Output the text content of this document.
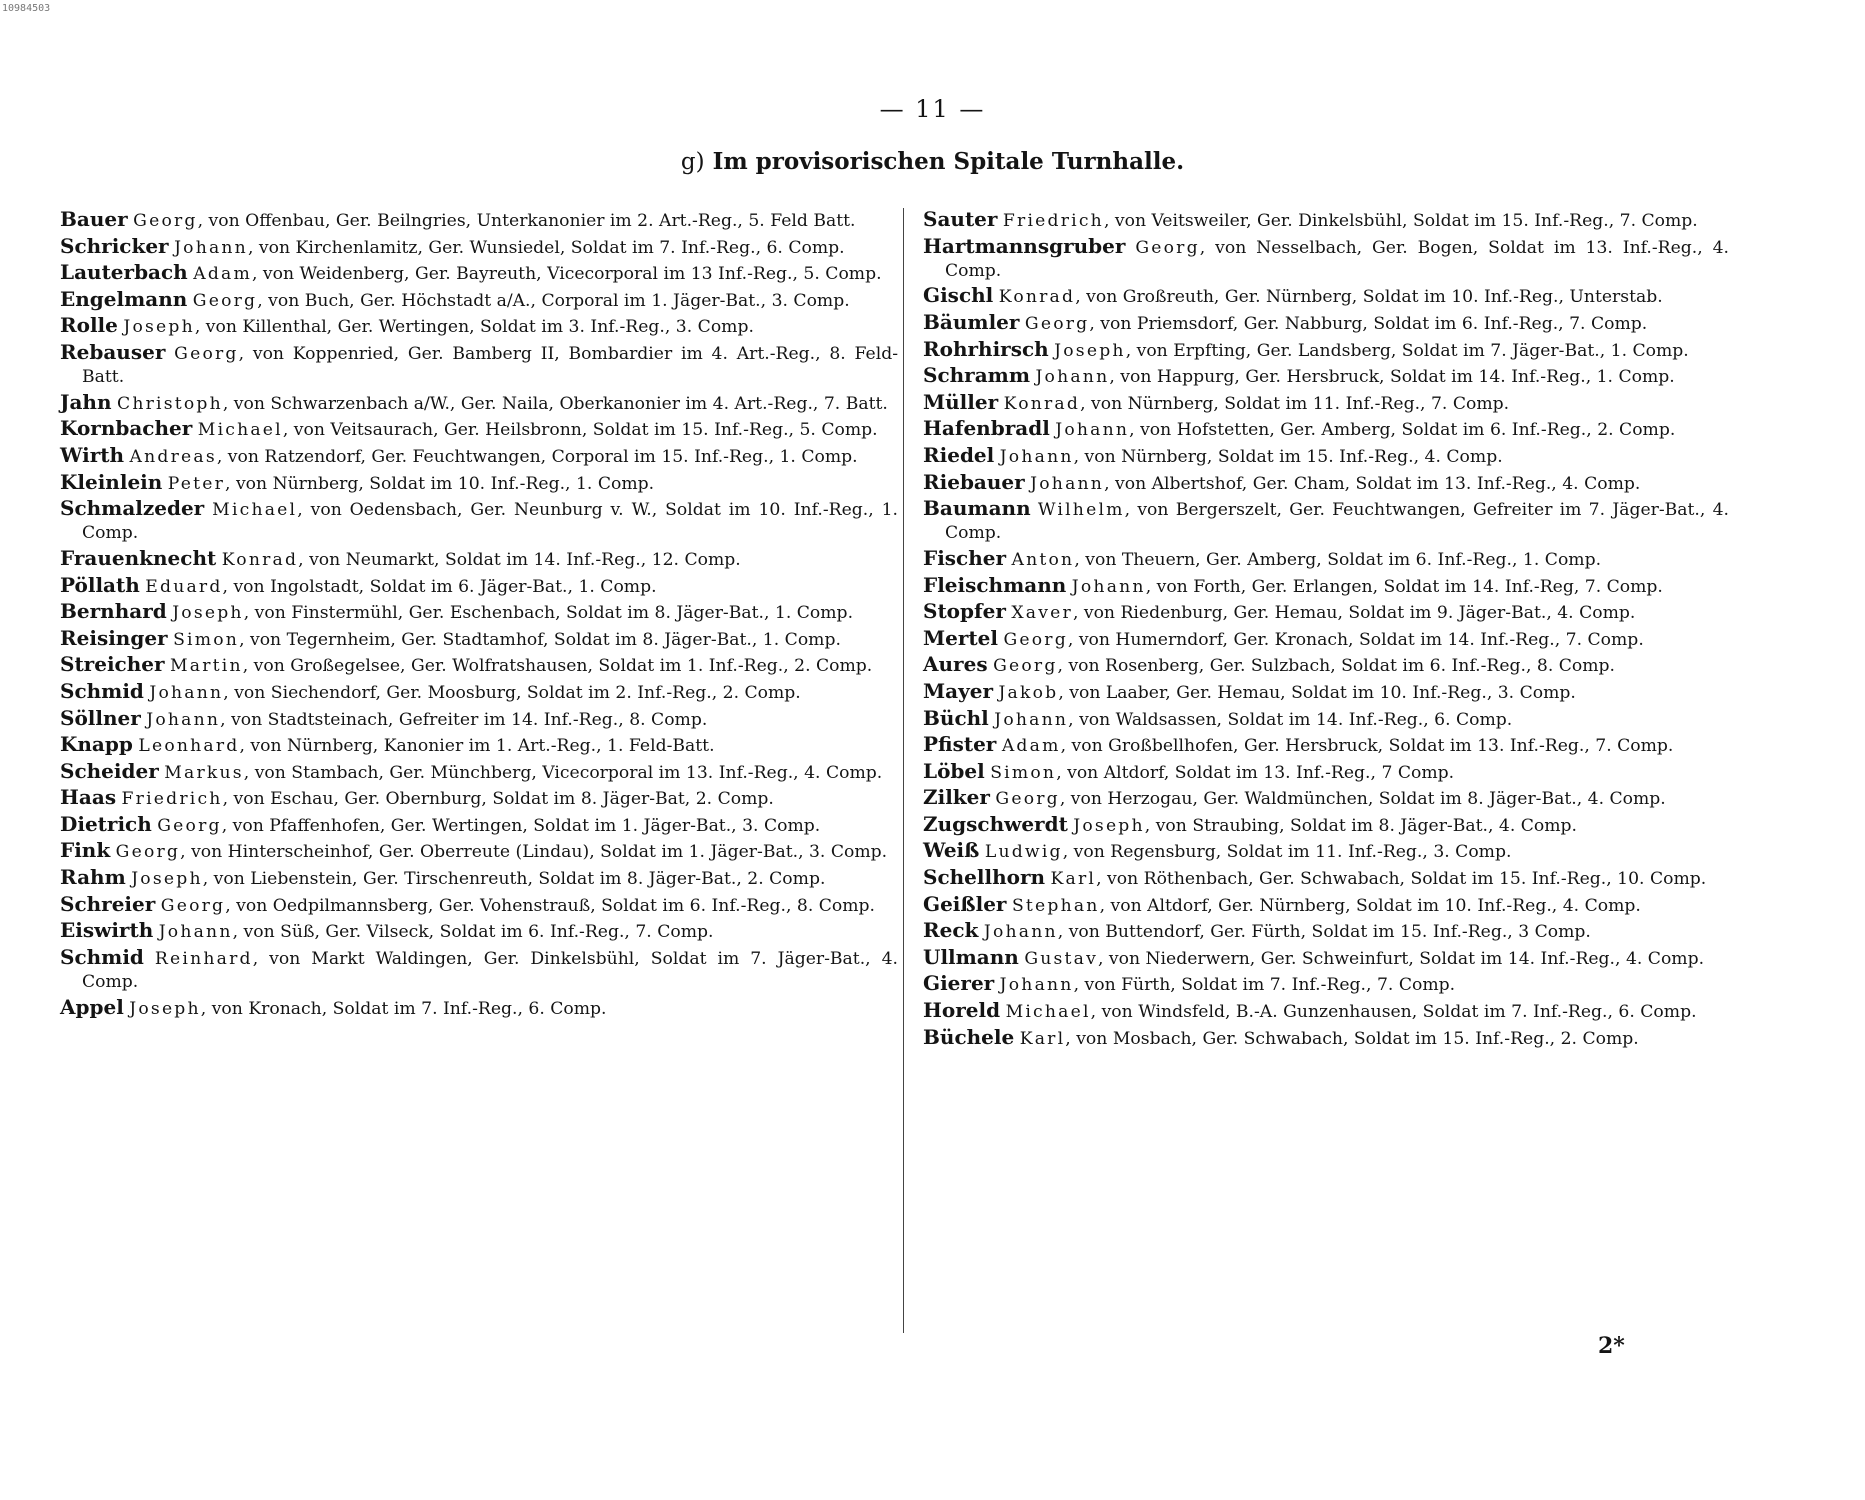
10984503
— 11 —
g) Im provisorischen Spitale Turnhalle.
Bauer Georg, von Offenbau, Ger. Beilngries, Unterkanonier im 2. Art.-Reg., 5. Feld Batt.
Schricker Johann, von Kirchenlamitz, Ger. Wunsiedel, Soldat im 7. Inf.-Reg., 6. Comp.
Lauterbach Adam, von Weidenberg, Ger. Bayreuth, Vicecorporal im 13 Inf.-Reg., 5. Comp.
Engelmann Georg, von Buch, Ger. Höchstadt a/A., Corporal im 1. Jäger-Bat., 3. Comp.
Rolle Joseph, von Killenthal, Ger. Wertingen, Soldat im 3. Inf.-Reg., 3. Comp.
Rebauser Georg, von Koppenried, Ger. Bamberg II, Bombardier im 4. Art.-Reg., 8. Feld-Batt.
Jahn Christoph, von Schwarzenbach a/W., Ger. Naila, Oberkanonier im 4. Art.-Reg., 7. Batt.
Kornbacher Michael, von Veitsaurach, Ger. Heilsbronn, Soldat im 15. Inf.-Reg., 5. Comp.
Wirth Andreas, von Ratzendorf, Ger. Feuchtwangen, Corporal im 15. Inf.-Reg., 1. Comp.
Kleinlein Peter, von Nürnberg, Soldat im 10. Inf.-Reg., 1. Comp.
Schmalzeder Michael, von Oedensbach, Ger. Neunburg v. W., Soldat im 10. Inf.-Reg., 1. Comp.
Frauenknecht Konrad, von Neumarkt, Soldat im 14. Inf.-Reg., 12. Comp.
Pöllath Eduard, von Ingolstadt, Soldat im 6. Jäger-Bat., 1. Comp.
Bernhard Joseph, von Finstermühl, Ger. Eschenbach, Soldat im 8. Jäger-Bat., 1. Comp.
Reisinger Simon, von Tegernheim, Ger. Stadtamhof, Soldat im 8. Jäger-Bat., 1. Comp.
Streicher Martin, von Großegelsee, Ger. Wolfratshausen, Soldat im 1. Inf.-Reg., 2. Comp.
Schmid Johann, von Siechendorf, Ger. Moosburg, Soldat im 2. Inf.-Reg., 2. Comp.
Söllner Johann, von Stadtsteinach, Gefreiter im 14. Inf.-Reg., 8. Comp.
Knapp Leonhard, von Nürnberg, Kanonier im 1. Art.-Reg., 1. Feld-Batt.
Scheider Markus, von Stambach, Ger. Münchberg, Vicecorporal im 13. Inf.-Reg., 4. Comp.
Haas Friedrich, von Eschau, Ger. Obernburg, Soldat im 8. Jäger-Bat, 2. Comp.
Dietrich Georg, von Pfaffenhofen, Ger. Wertingen, Soldat im 1. Jäger-Bat., 3. Comp.
Fink Georg, von Hinterscheinhof, Ger. Oberreute (Lindau), Soldat im 1. Jäger-Bat., 3. Comp.
Rahm Joseph, von Liebenstein, Ger. Tirschenreuth, Soldat im 8. Jäger-Bat., 2. Comp.
Schreier Georg, von Oedpilmannsberg, Ger. Vohenstrauß, Soldat im 6. Inf.-Reg., 8. Comp.
Eiswirth Johann, von Süß, Ger. Vilseck, Soldat im 6. Inf.-Reg., 7. Comp.
Schmid Reinhard, von Markt Waldingen, Ger. Dinkelsbühl, Soldat im 7. Jäger-Bat., 4. Comp.
Appel Joseph, von Kronach, Soldat im 7. Inf.-Reg., 6. Comp.
Sauter Friedrich, von Veitsweiler, Ger. Dinkelsbühl, Soldat im 15. Inf.-Reg., 7. Comp.
Hartmannsgruber Georg, von Nesselbach, Ger. Bogen, Soldat im 13. Inf.-Reg., 4. Comp.
Gischl Konrad, von Großreuth, Ger. Nürnberg, Soldat im 10. Inf.-Reg., Unterstab.
Bäumler Georg, von Priemsdorf, Ger. Nabburg, Soldat im 6. Inf.-Reg., 7. Comp.
Rohrhirsch Joseph, von Erpfting, Ger. Landsberg, Soldat im 7. Jäger-Bat., 1. Comp.
Schramm Johann, von Happurg, Ger. Hersbruck, Soldat im 14. Inf.-Reg., 1. Comp.
Müller Konrad, von Nürnberg, Soldat im 11. Inf.-Reg., 7. Comp.
Hafenbradl Johann, von Hofstetten, Ger. Amberg, Soldat im 6. Inf.-Reg., 2. Comp.
Riedel Johann, von Nürnberg, Soldat im 15. Inf.-Reg., 4. Comp.
Riebauer Johann, von Albertshof, Ger. Cham, Soldat im 13. Inf.-Reg., 4. Comp.
Baumann Wilhelm, von Bergerszelt, Ger. Feuchtwangen, Gefreiter im 7. Jäger-Bat., 4. Comp.
Fischer Anton, von Theuern, Ger. Amberg, Soldat im 6. Inf.-Reg., 1. Comp.
Fleischmann Johann, von Forth, Ger. Erlangen, Soldat im 14. Inf.-Reg, 7. Comp.
Stopfer Xaver, von Riedenburg, Ger. Hemau, Soldat im 9. Jäger-Bat., 4. Comp.
Mertel Georg, von Humerndorf, Ger. Kronach, Soldat im 14. Inf.-Reg., 7. Comp.
Aures Georg, von Rosenberg, Ger. Sulzbach, Soldat im 6. Inf.-Reg., 8. Comp.
Mayer Jakob, von Laaber, Ger. Hemau, Soldat im 10. Inf.-Reg., 3. Comp.
Büchl Johann, von Waldsassen, Soldat im 14. Inf.-Reg., 6. Comp.
Pfister Adam, von Großbellhofen, Ger. Hersbruck, Soldat im 13. Inf.-Reg., 7. Comp.
Löbel Simon, von Altdorf, Soldat im 13. Inf.-Reg., 7 Comp.
Zilker Georg, von Herzogau, Ger. Waldmünchen, Soldat im 8. Jäger-Bat., 4. Comp.
Zugschwerdt Joseph, von Straubing, Soldat im 8. Jäger-Bat., 4. Comp.
Weiß Ludwig, von Regensburg, Soldat im 11. Inf.-Reg., 3. Comp.
Schellhorn Karl, von Röthenbach, Ger. Schwabach, Soldat im 15. Inf.-Reg., 10. Comp.
Geißler Stephan, von Altdorf, Ger. Nürnberg, Soldat im 10. Inf.-Reg., 4. Comp.
Reck Johann, von Buttendorf, Ger. Fürth, Soldat im 15. Inf.-Reg., 3 Comp.
Ullmann Gustav, von Niederwern, Ger. Schweinfurt, Soldat im 14. Inf.-Reg., 4. Comp.
Gierer Johann, von Fürth, Soldat im 7. Inf.-Reg., 7. Comp.
Horeld Michael, von Windsfeld, B.-A. Gunzenhausen, Soldat im 7. Inf.-Reg., 6. Comp.
Büchele Karl, von Mosbach, Ger. Schwabach, Soldat im 15. Inf.-Reg., 2. Comp.
2*
